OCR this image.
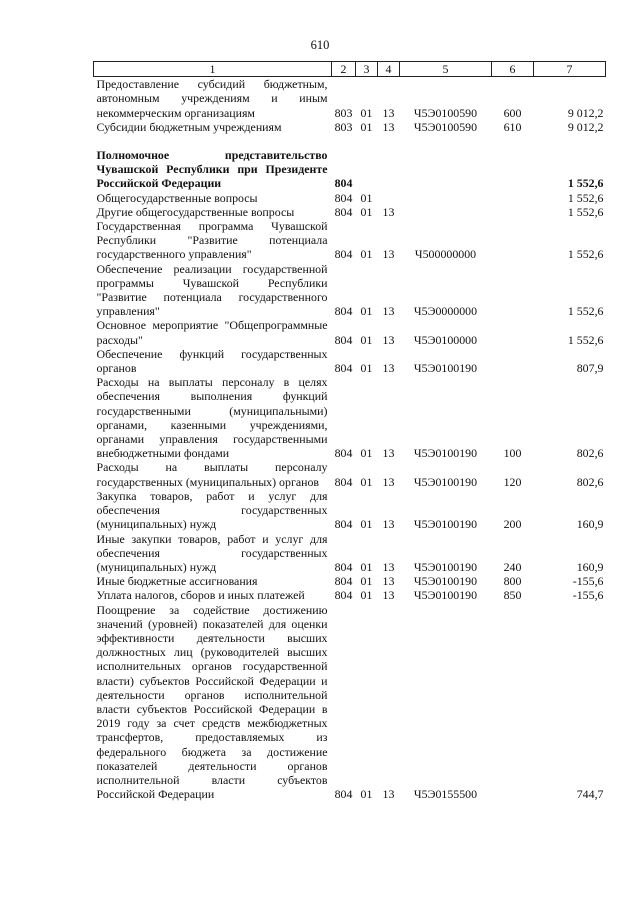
610
1	2	3	4	5	6	7
Предоставление субсидий бюджетным, автономным учреждениям и иным некоммерческим организациям	803	01	13	Ч5Э0100590	600	9 012,2
Субсидии бюджетным учреждениям	803	01	13	Ч5Э0100590	610	9 012,2

Полномочное представительство Чувашской Республики при Президенте Российской Федерации	804					1 552,6
Общегосударственные вопросы	804	01				1 552,6
Другие общегосударственные вопросы	804	01	13			1 552,6
Государственная программа Чувашской Республики "Развитие потенциала государственного управления"	804	01	13	Ч500000000		1 552,6
Обеспечение реализации государственной программы Чувашской Республики "Развитие потенциала государственного управления"	804	01	13	Ч5Э0000000		1 552,6
Основное мероприятие "Общепрограммные расходы"	804	01	13	Ч5Э0100000		1 552,6
Обеспечение функций государственных органов	804	01	13	Ч5Э0100190		807,9
Расходы на выплаты персоналу в целях обеспечения выполнения функций государственными (муниципальными) органами, казенными учреждениями, органами управления государственными внебюджетными фондами	804	01	13	Ч5Э0100190	100	802,6
Расходы на выплаты персоналу государственных (муниципальных) органов	804	01	13	Ч5Э0100190	120	802,6
Закупка товаров, работ и услуг для обеспечения государственных (муниципальных) нужд	804	01	13	Ч5Э0100190	200	160,9
Иные закупки товаров, работ и услуг для обеспечения государственных (муниципальных) нужд	804	01	13	Ч5Э0100190	240	160,9
Иные бюджетные ассигнования	804	01	13	Ч5Э0100190	800	-155,6
Уплата налогов, сборов и иных платежей	804	01	13	Ч5Э0100190	850	-155,6
Поощрение за содействие достижению значений (уровней) показателей для оценки эффективности деятельности высших должностных лиц (руководителей высших исполнительных органов государственной власти) субъектов Российской Федерации и деятельности органов исполнительной власти субъектов Российской Федерации в 2019 году за счет средств межбюджетных трансфертов, предоставляемых из федерального бюджета за достижение показателей деятельности органов исполнительной власти субъектов Российской Федерации	804	01	13	Ч5Э0155500		744,7
